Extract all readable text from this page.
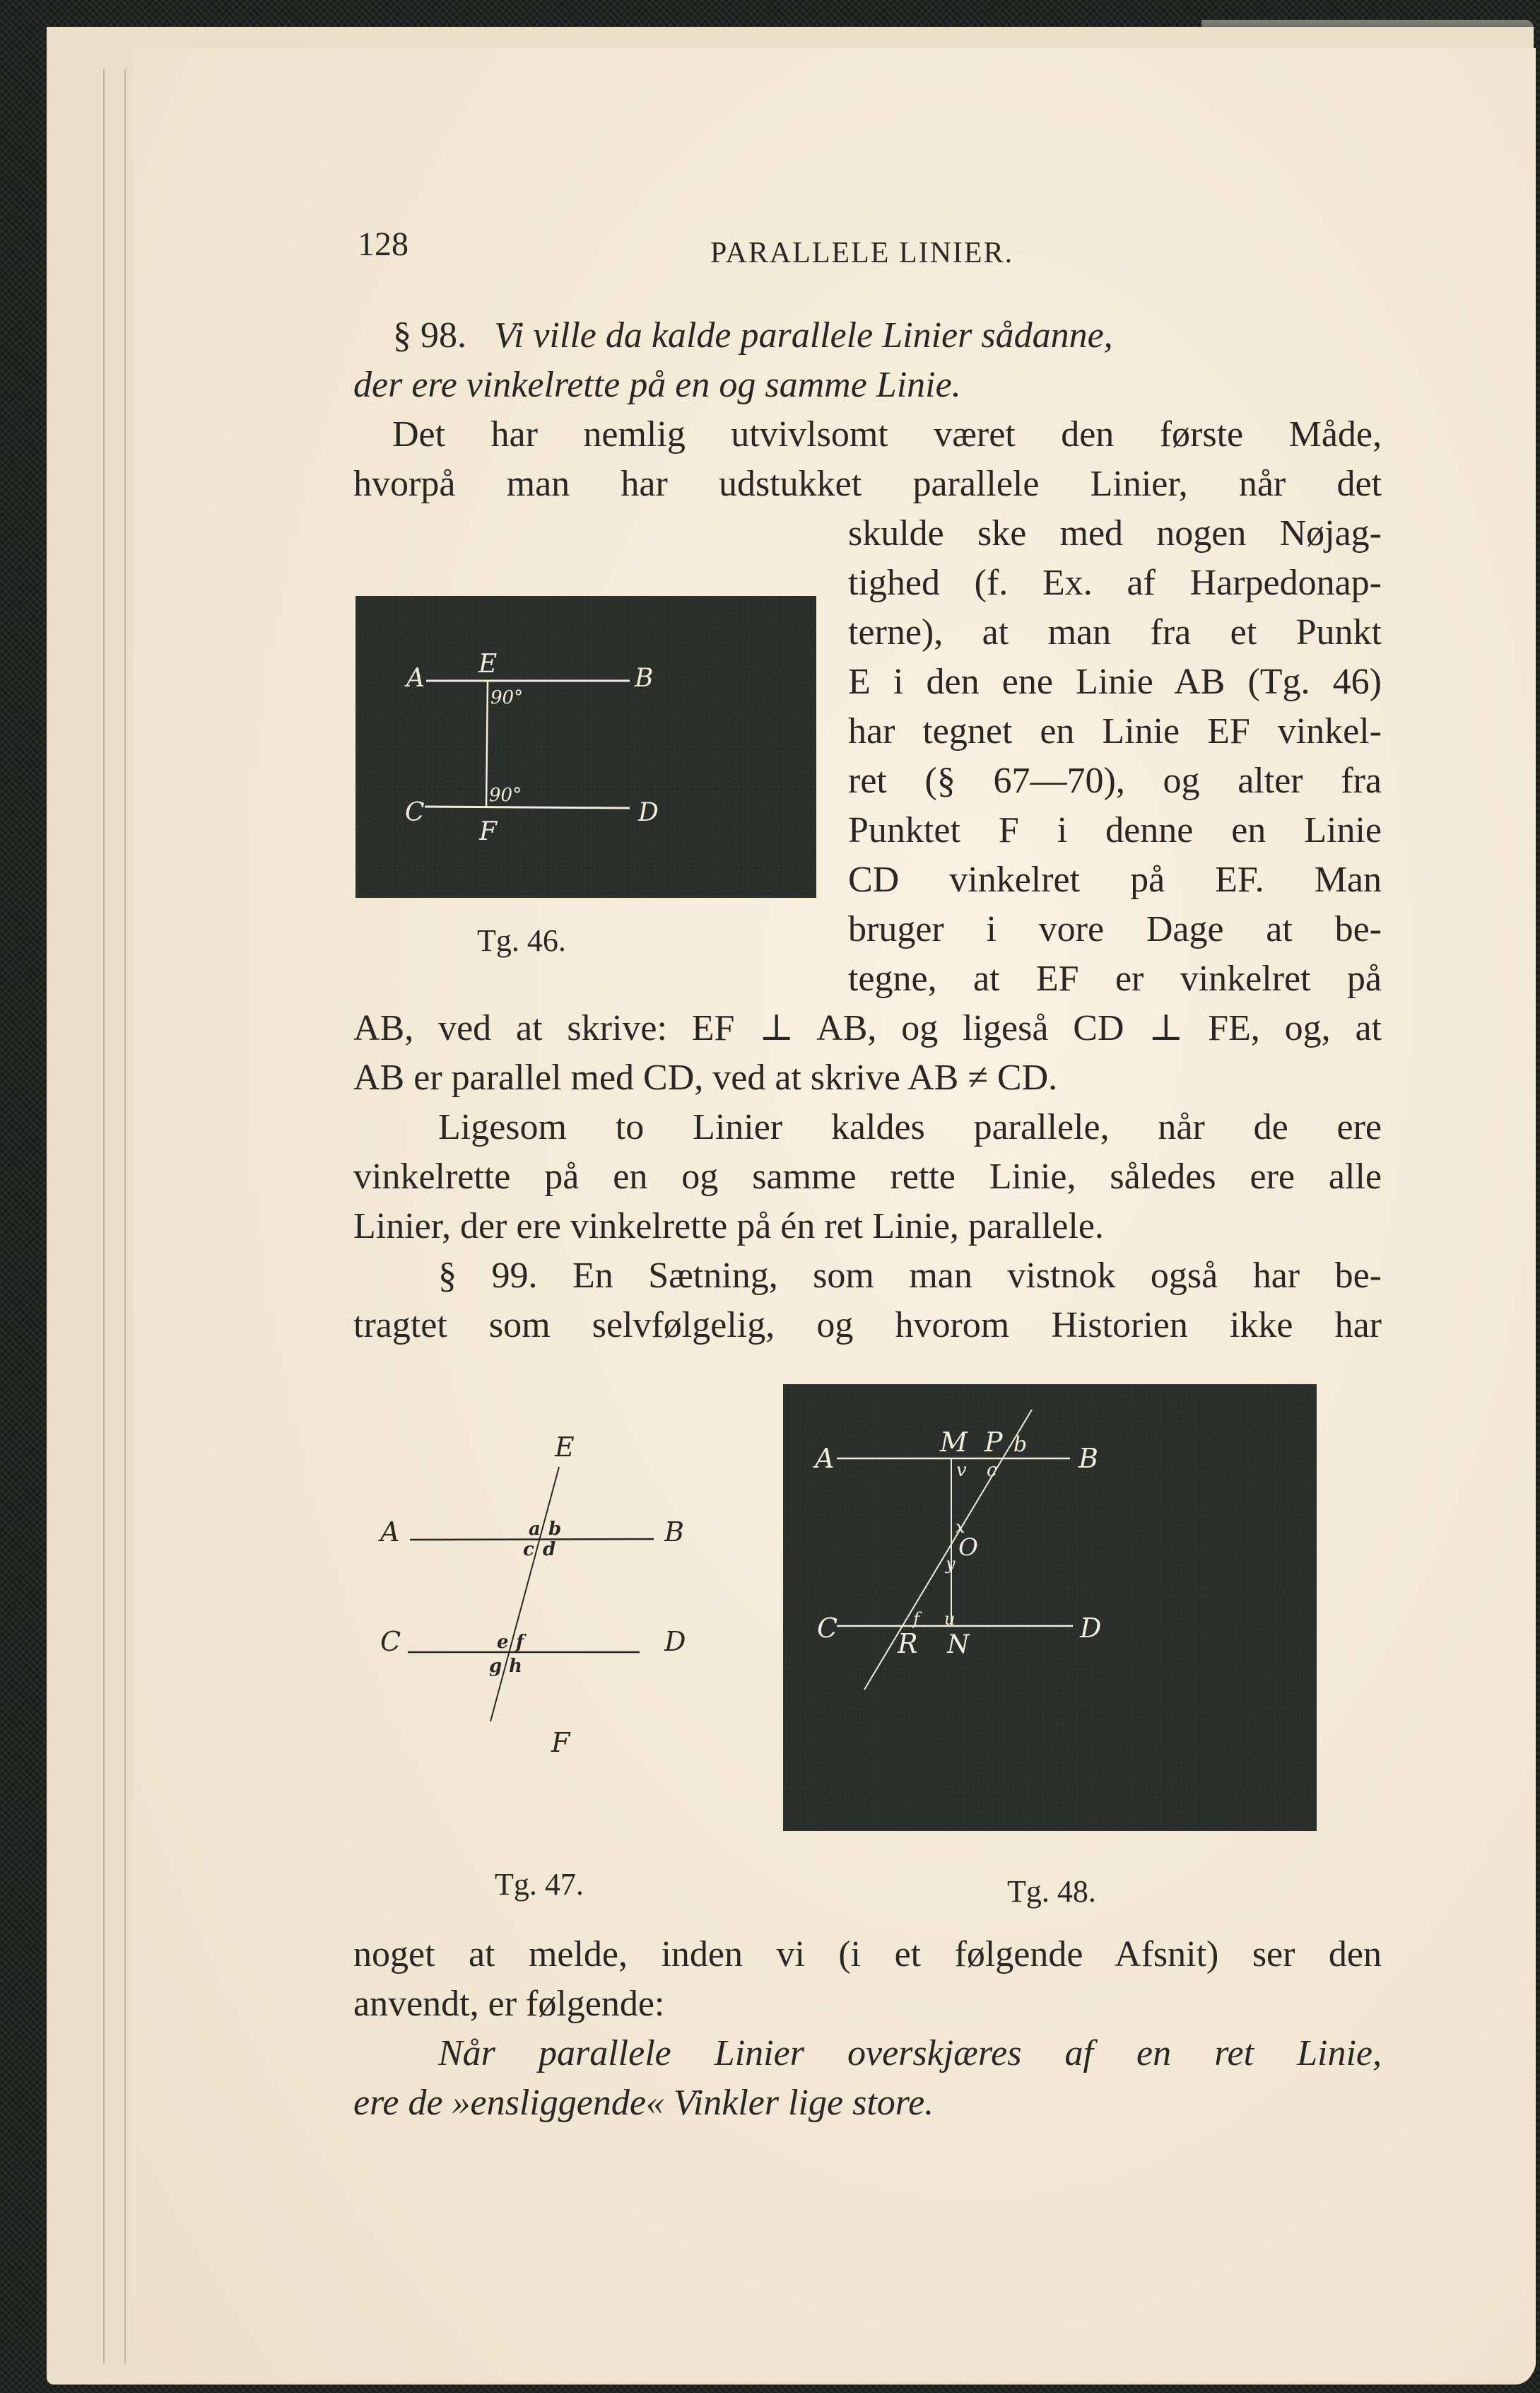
128	PARALLELE LINIER.
§ 98. Vi ville da kalde parallele Linier sådanne,
der ere vinkelrette på en og samme Linie.
Det har nemlig utvivlsomt været den første Måde,
hvorpå man har udstukket parallele Linier, når det
skulde ske med nogen Nøjag-
tighed (f. Ex. af Harpedonap-
terne), at man fra et Punkt
E i den ene Linie AB (Tg. 46)
har tegnet en Linie EF vinkel-
ret (§ 67—70), og alter fra
Punktet F i denne en Linie
CD vinkelret på EF. Man
bruger i vore Dage at be-
tegne, at EF er vinkelret på
AB, ved at skrive: EF ⊥ AB, og ligeså CD ⊥ FE, og, at
AB er parallel med CD, ved at skrive AB ≠ CD.
Ligesom to Linier kaldes parallele, når de ere
vinkelrette på en og samme rette Linie, således ere alle
Linier, der ere vinkelrette på én ret Linie, parallele.
§ 99. En Sætning, som man vistnok også har be-
tragtet som selvfølgelig, og hvorom Historien ikke har
A E	B
90°
90°
C
F
D
Tg. 46.
E
A	B
a b
c d
C	D
e f
g h
F
Tg. 47.
A
M P b B
v c
x
O
y
f u
C R N
D
Tg. 48.
noget at melde, inden vi (i et følgende Afsnit) ser den
anvendt, er følgende:
Når parallele Linier overskjæres af en ret Linie,
ere de »ensliggende« Vinkler lige store.
